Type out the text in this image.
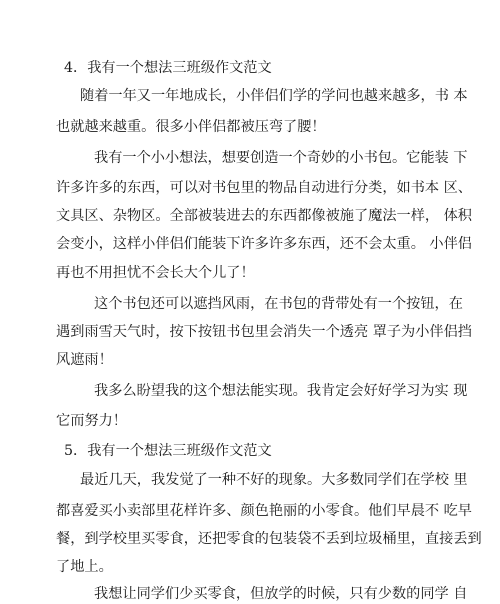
4．我有一个想法三班级作文范文
随着一年又一年地成长，小伴侣们学的学问也越来越多，书 本
也就越来越重。很多小伴侣都被压弯了腰！
我有一个小小想法，想要创造一个奇妙的小书包。它能装 下
许多许多的东西，可以对书包里的物品自动进行分类，如书本 区、
文具区、杂物区。全部被装进去的东西都像被施了魔法一样， 体积
会变小，这样小伴侣们能装下许多许多东西，还不会太重。 小伴侣
再也不用担忧不会长大个儿了！
这个书包还可以遮挡风雨，在书包的背带处有一个按钮，在
遇到雨雪天气时，按下按钮书包里会消失一个透亮 罩子为小伴侣挡
风遮雨！
我多么盼望我的这个想法能实现。我肯定会好好学习为实 现
它而努力！
5．我有一个想法三班级作文范文
最近几天，我发觉了一种不好的现象。大多数同学们在学校 里
都喜爱买小卖部里花样许多、颜色艳丽的小零食。他们早晨不 吃早
餐，到学校里买零食，还把零食的包装袋不丢到垃圾桶里，直接丢到
了地上。
我想让同学们少买零食，但放学的时候，只有少数的同学 自
